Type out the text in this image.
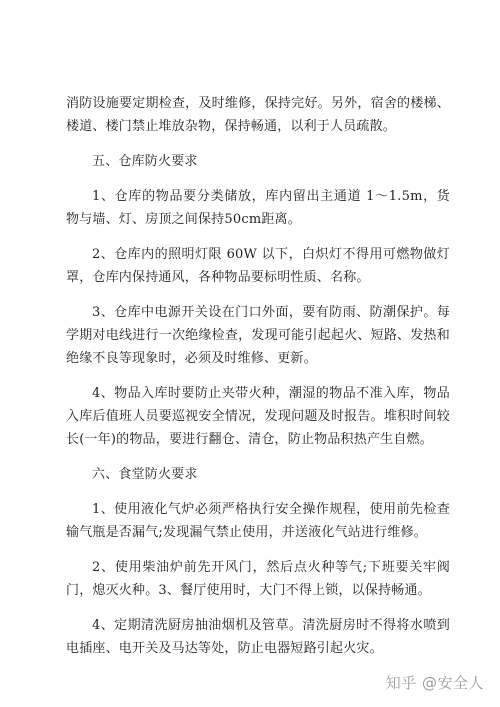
消防设施要定期检查，及时维修，保持完好。另外，宿舍的楼梯、楼道、楼门禁止堆放杂物，保持畅通，以利于人员疏散。

五、仓库防火要求

1、仓库的物品要分类储放，库内留出主通道 1～1.5m，货物与墙、灯、房顶之间保持50cm距离。

2、仓库内的照明灯限 60W 以下，白炽灯不得用可燃物做灯罩，仓库内保持通风，各种物品要标明性质、名称。

3、仓库中电源开关设在门口外面，要有防雨、防潮保护。每学期对电线进行一次绝缘检查，发现可能引起起火、短路、发热和绝缘不良等现象时，必须及时维修、更新。

4、物品入库时要防止夹带火种，潮湿的物品不准入库，物品入库后值班人员要巡视安全情况，发现问题及时报告。堆积时间较长(一年)的物品，要进行翻仓、清仓，防止物品积热产生自燃。

六、食堂防火要求

1、使用液化气炉必须严格执行安全操作规程，使用前先检查输气瓶是否漏气;发现漏气禁止使用，并送液化气站进行维修。

2、使用柴油炉前先开风门，然后点火种等气;下班要关牢阀门，熄灭火种。3、餐厅使用时，大门不得上锁，以保持畅通。

4、定期清洗厨房抽油烟机及管草。清洗厨房时不得将水喷到电插座、电开关及马达等处，防止电器短路引起火灾。

知乎 @安全人
